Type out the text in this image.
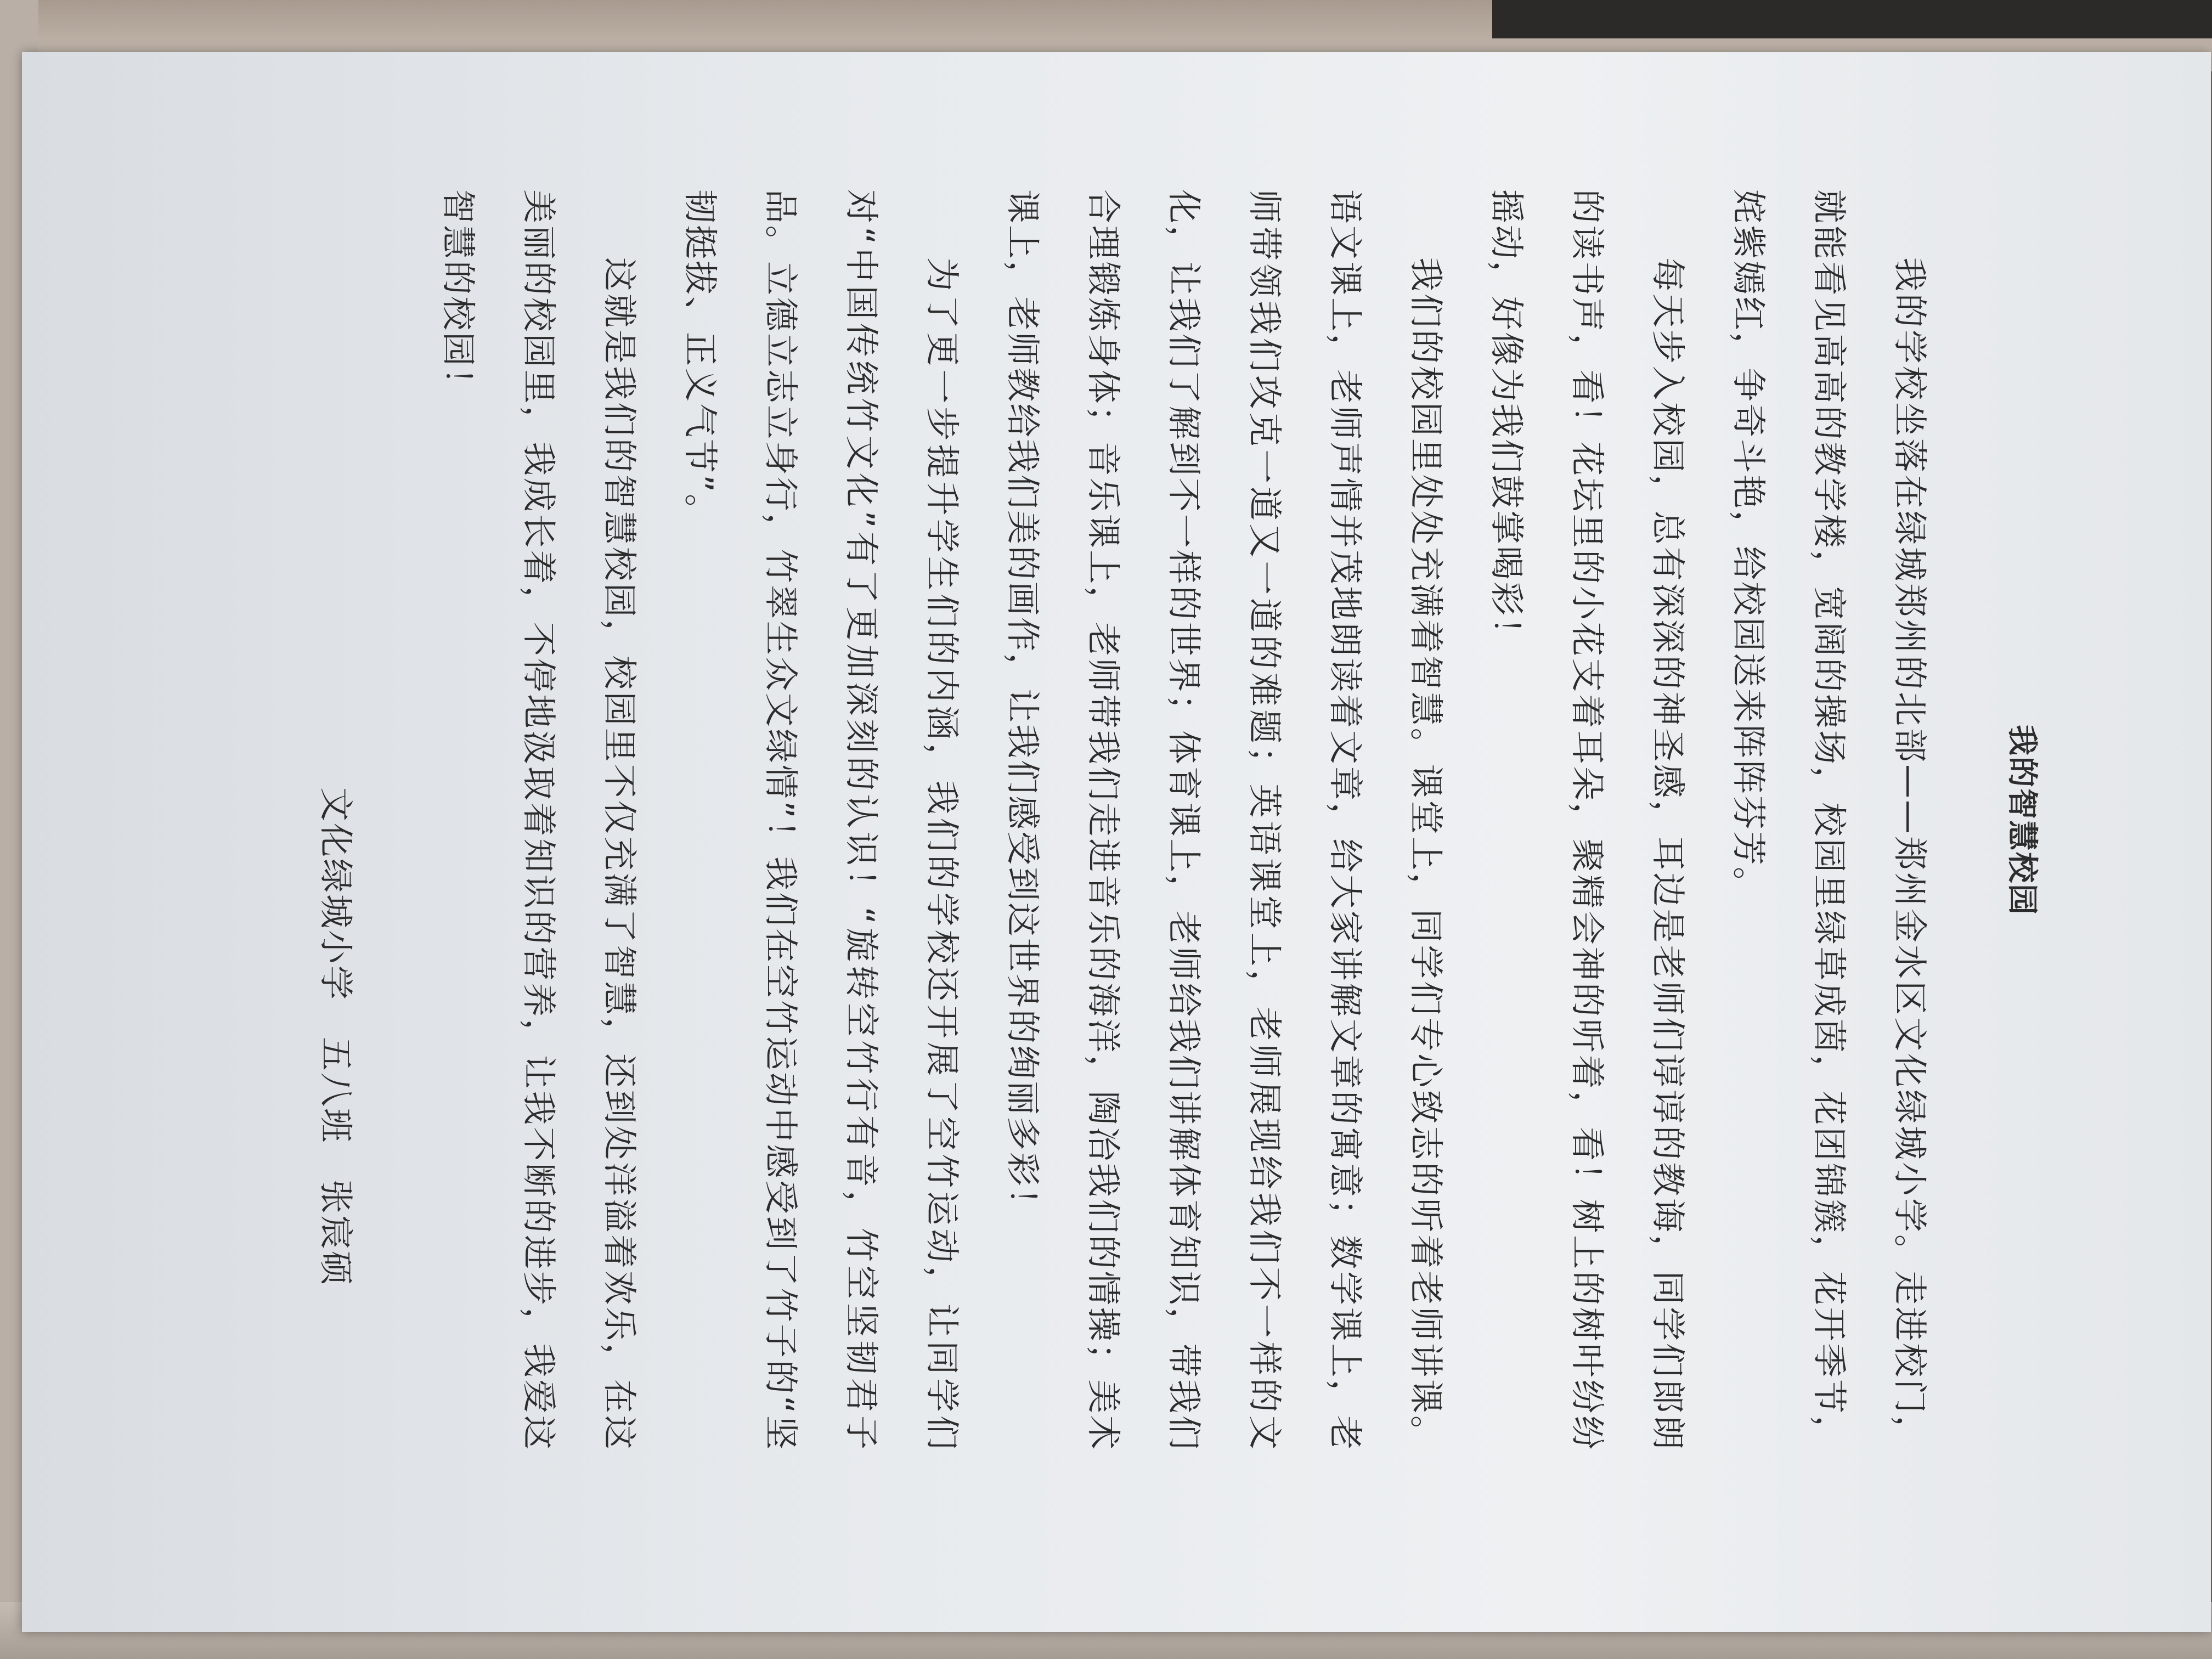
我的智慧校园

我的学校坐落在绿城郑州的北部——郑州金水区文化绿城小学。走进校门，就能看见高高的教学楼，宽阔的操场，校园里绿草成茵，花团锦簇，花开季节，姹紫嫣红，争奇斗艳，给校园送来阵阵芬芳。

每天步入校园，总有深深的神圣感，耳边是老师们谆谆的教诲，同学们郎朗的读书声，看！花坛里的小花支着耳朵，聚精会神的听着，看！树上的树叶纷纷摇动，好像为我们鼓掌喝彩！

我们的校园里处处充满着智慧。课堂上，同学们专心致志的听着老师讲课。语文课上，老师声情并茂地朗读着文章，给大家讲解文章的寓意；数学课上，老师带领我们攻克一道又一道的难题；英语课堂上，老师展现给我们不一样的文化，让我们了解到不一样的世界；体育课上，老师给我们讲解体育知识，带我们合理锻炼身体；音乐课上，老师带我们走进音乐的海洋，陶冶我们的情操；美术课上，老师教给我们美的画作，让我们感受到这世界的绚丽多彩！

为了更一步提升学生们的内涵，我们的学校还开展了空竹运动，让同学们对“中国传统竹文化”有了更加深刻的认识！“旋转空竹行有音，竹空坚韧君子品。立德立志立身行，竹翠生众文绿情”！我们在空竹运动中感受到了竹子的“坚韧挺拔、正义气节”。

这就是我们的智慧校园，校园里不仅充满了智慧，还到处洋溢着欢乐，在这美丽的校园里，我成长着，不停地汲取着知识的营养，让我不断的进步，我爱这智慧的校园！

文化绿城小学　五八班　张宸硕
